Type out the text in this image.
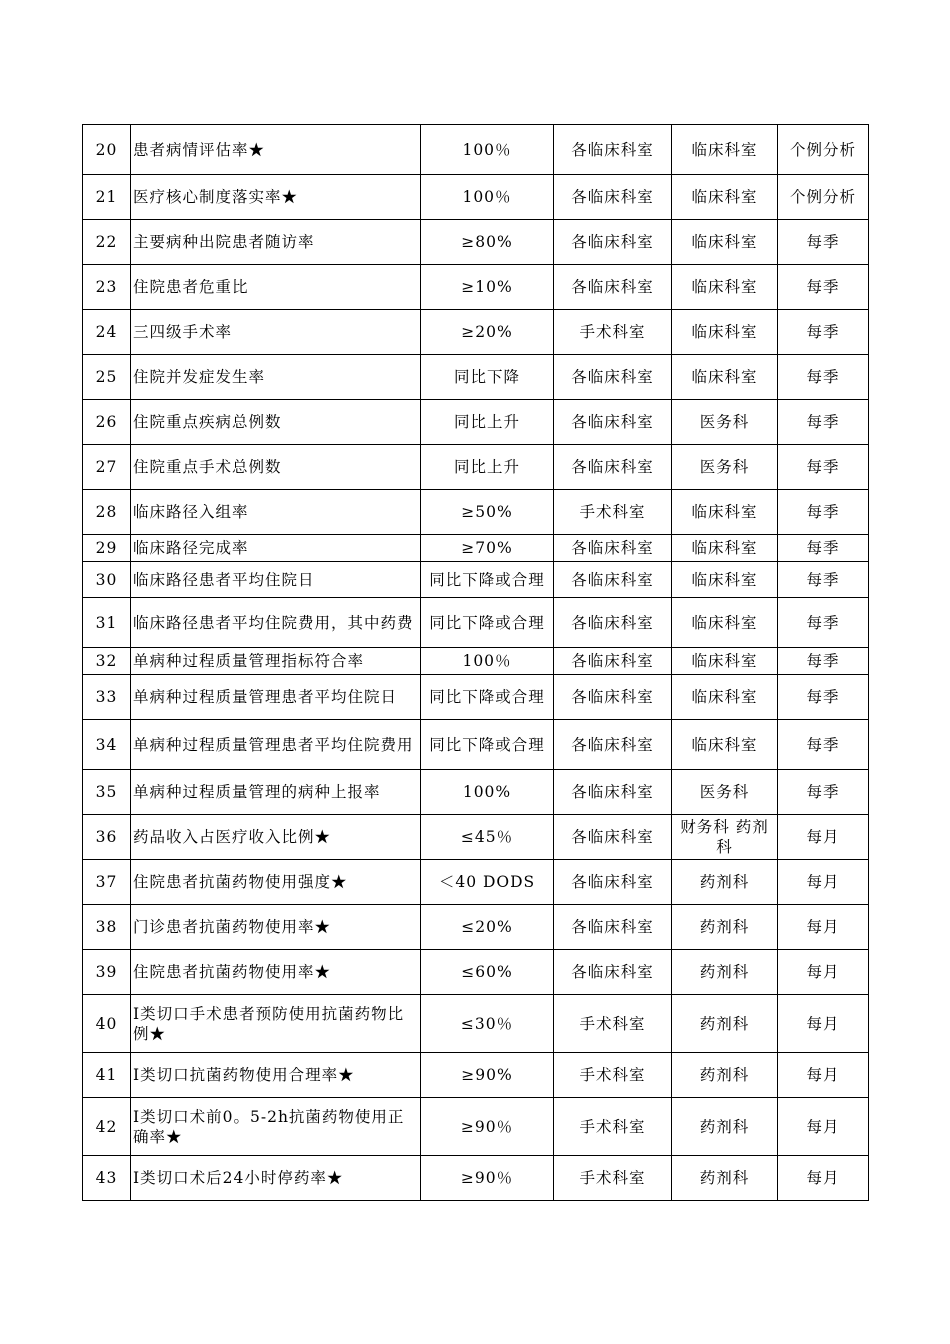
20	患者病情评估率★	100％	各临床科室	临床科室	个例分析
21	医疗核心制度落实率★	100％	各临床科室	临床科室	个例分析
22	主要病种出院患者随访率	≥80%	各临床科室	临床科室	每季
23	住院患者危重比	≥10%	各临床科室	临床科室	每季
24	三四级手术率	≥20%	手术科室	临床科室	每季
25	住院并发症发生率	同比下降	各临床科室	临床科室	每季
26	住院重点疾病总例数	同比上升	各临床科室	医务科	每季
27	住院重点手术总例数	同比上升	各临床科室	医务科	每季
28	临床路径入组率	≥50%	手术科室	临床科室	每季
29	临床路径完成率	≥70%	各临床科室	临床科室	每季
30	临床路径患者平均住院日	同比下降或合理	各临床科室	临床科室	每季
31	临床路径患者平均住院费用，其中药费	同比下降或合理	各临床科室	临床科室	每季
32	单病种过程质量管理指标符合率	100％	各临床科室	临床科室	每季
33	单病种过程质量管理患者平均住院日	同比下降或合理	各临床科室	临床科室	每季
34	单病种过程质量管理患者平均住院费用	同比下降或合理	各临床科室	临床科室	每季
35	单病种过程质量管理的病种上报率	100%	各临床科室	医务科	每季
36	药品收入占医疗收入比例★	≤45％	各临床科室	财务科 药剂科	每月
37	住院患者抗菌药物使用强度★	＜40 DODS	各临床科室	药剂科	每月
38	门诊患者抗菌药物使用率★	≤20%	各临床科室	药剂科	每月
39	住院患者抗菌药物使用率★	≤60%	各临床科室	药剂科	每月
40	Ⅰ类切口手术患者预防使用抗菌药物比例★	≤30％	手术科室	药剂科	每月
41	Ⅰ类切口抗菌药物使用合理率★	≥90%	手术科室	药剂科	每月
42	Ⅰ类切口术前0。5-2h抗菌药物使用正确率★	≥90％	手术科室	药剂科	每月
43	Ⅰ类切口术后24小时停药率★	≥90％	手术科室	药剂科	每月
